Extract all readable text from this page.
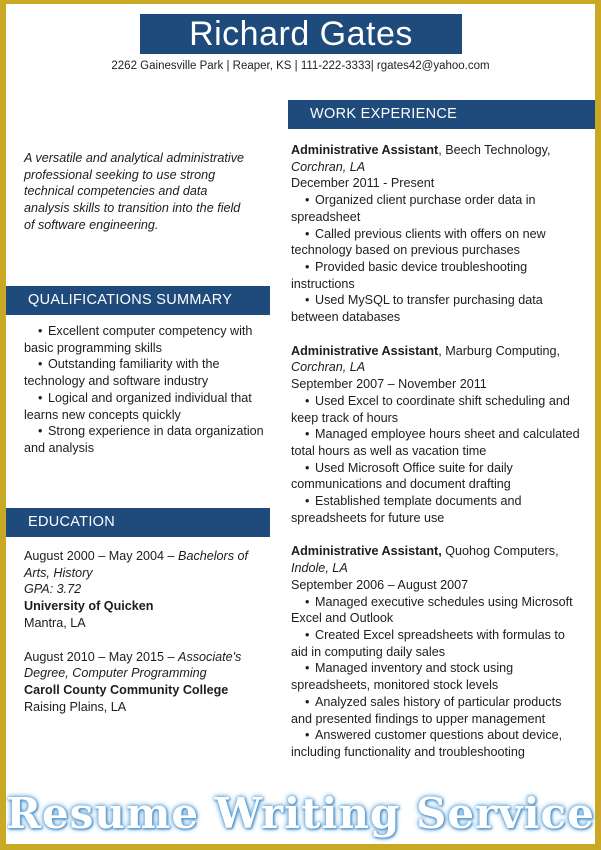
Richard Gates
2262 Gainesville Park | Reaper, KS | 111-222-3333| rgates42@yahoo.com
A versatile and analytical administrative professional seeking to use strong technical competencies and data analysis skills to transition into the field of software engineering.
QUALIFICATIONS SUMMARY
• Excellent computer competency with basic programming skills
• Outstanding familiarity with the technology and software industry
• Logical and organized individual that learns new concepts quickly
• Strong experience in data organization and analysis
EDUCATION
August 2000 – May 2004 – Bachelors of Arts, History
GPA: 3.72
University of Quicken
Mantra, LA
August 2010 – May 2015 – Associate's Degree, Computer Programming
Caroll County Community College
Raising Plains, LA
WORK EXPERIENCE
Administrative Assistant, Beech Technology,
Corchran, LA
December 2011 - Present
• Organized client purchase order data in spreadsheet
• Called previous clients with offers on new technology based on previous purchases
• Provided basic device troubleshooting instructions
• Used MySQL to transfer purchasing data between databases
Administrative Assistant, Marburg Computing,
Corchran, LA
September 2007 – November 2011
• Used Excel to coordinate shift scheduling and keep track of hours
• Managed employee hours sheet and calculated total hours as well as vacation time
• Used Microsoft Office suite for daily communications and document drafting
• Established template documents and spreadsheets for future use
Administrative Assistant, Quohog Computers,
Indole, LA
September 2006 – August 2007
• Managed executive schedules using Microsoft Excel and Outlook
• Created Excel spreadsheets with formulas to aid in computing daily sales
• Managed inventory and stock using spreadsheets, monitored stock levels
• Analyzed sales history of particular products and presented findings to upper management
• Answered customer questions about device, including functionality and troubleshooting
Resume Writing Service
